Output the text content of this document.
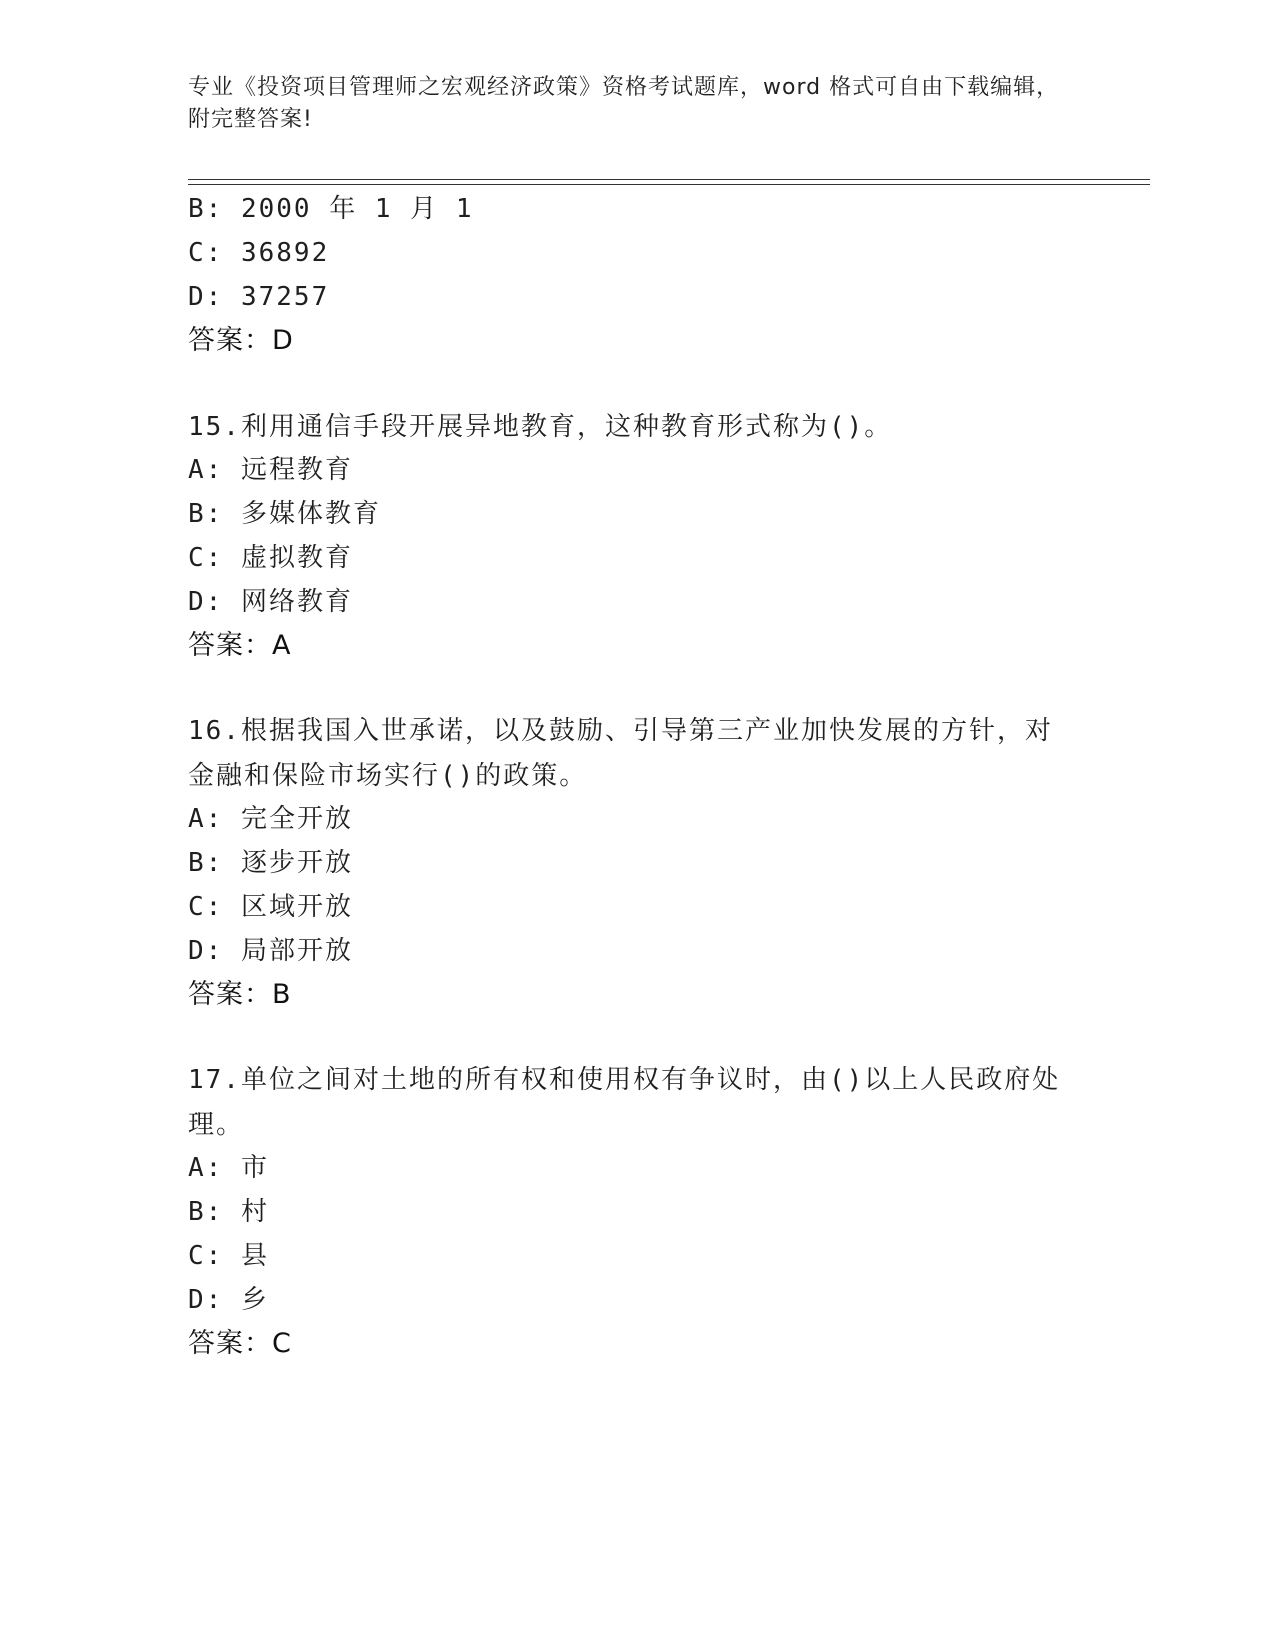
专业《投资项目管理师之宏观经济政策》资格考试题库，word 格式可自由下载编辑，附完整答案!
B: 2000 年 1 月 1
C: 36892
D: 37257
答案：D
15.利用通信手段开展异地教育，这种教育形式称为()。
A: 远程教育
B: 多媒体教育
C: 虚拟教育
D: 网络教育
答案：A
16.根据我国入世承诺，以及鼓励、引导第三产业加快发展的方针，对金融和保险市场实行()的政策。
A: 完全开放
B: 逐步开放
C: 区域开放
D: 局部开放
答案：B
17.单位之间对土地的所有权和使用权有争议时，由()以上人民政府处理。
A: 市
B: 村
C: 县
D: 乡
答案：C
